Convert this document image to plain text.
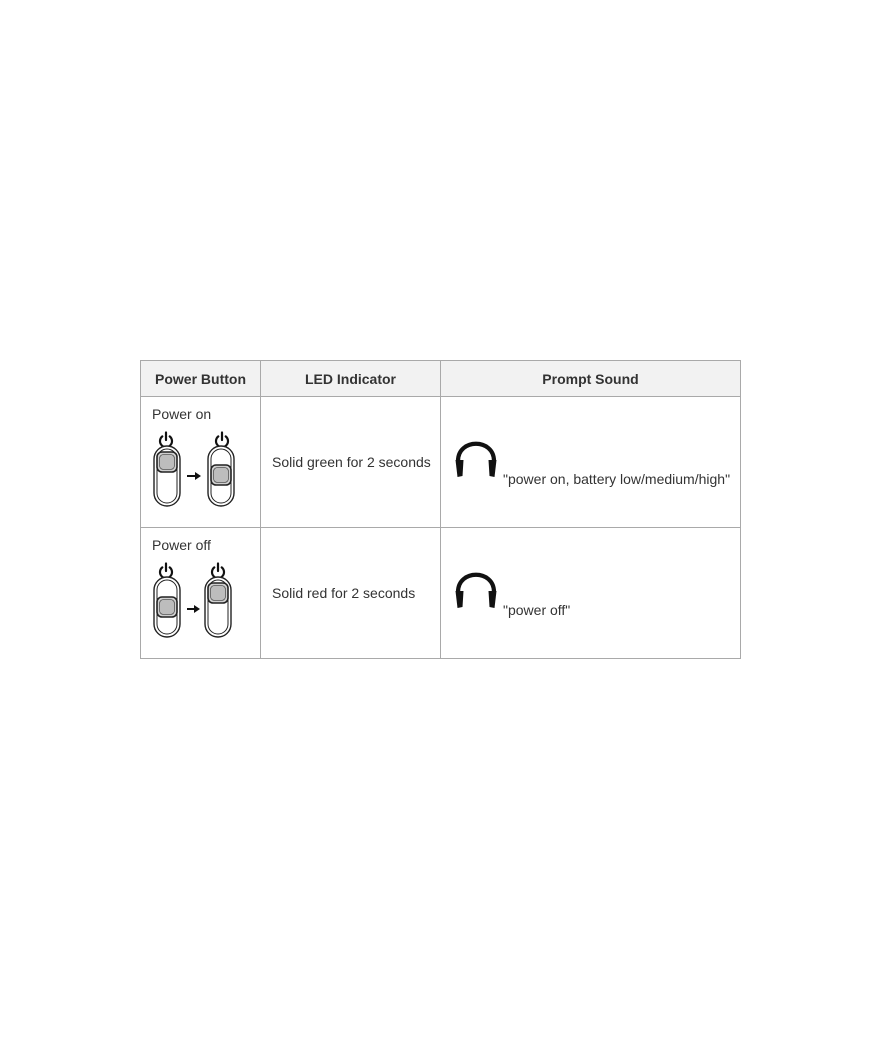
Power Button	LED Indicator	Prompt Sound

Power on	Solid green for 2 seconds	"power on, battery low/medium/high"

Power off	Solid red for 2 seconds	"power off"
